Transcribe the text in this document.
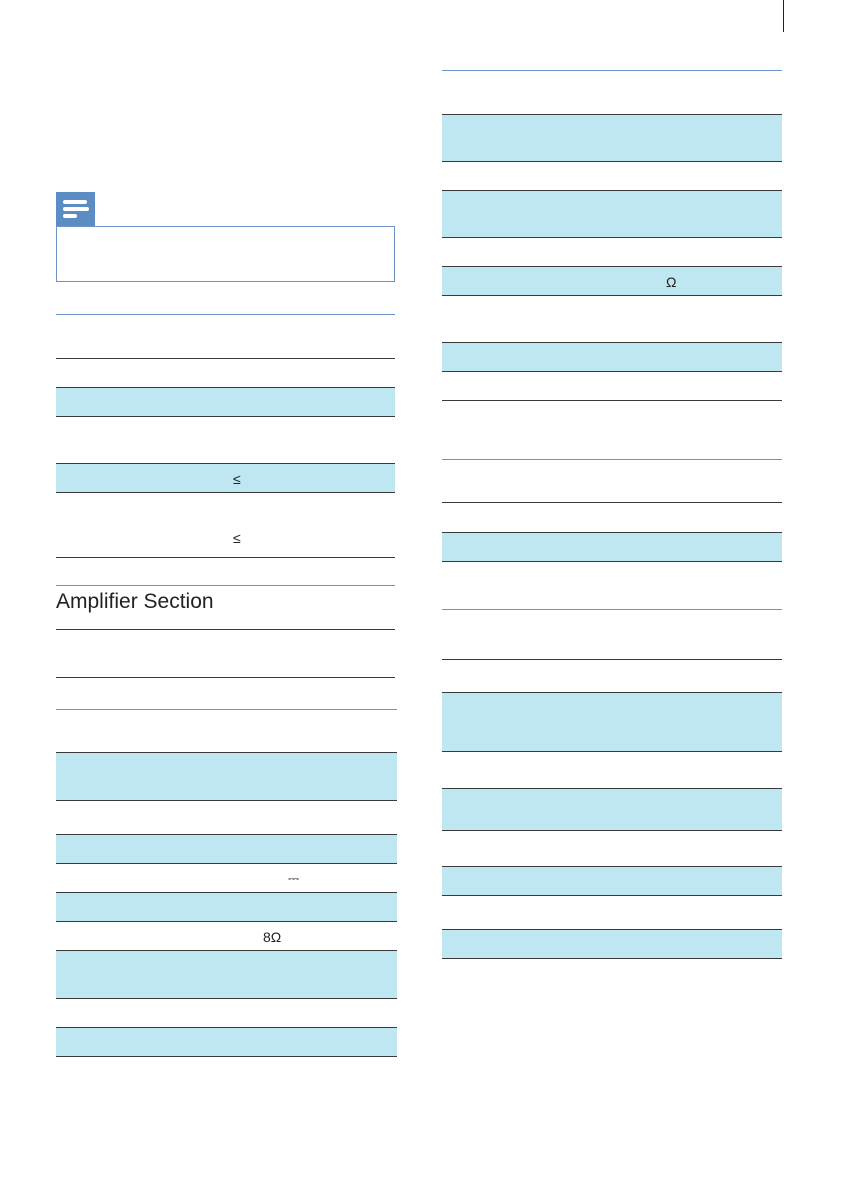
≤
≤
Amplifier Section
⎓
8Ω
Ω
